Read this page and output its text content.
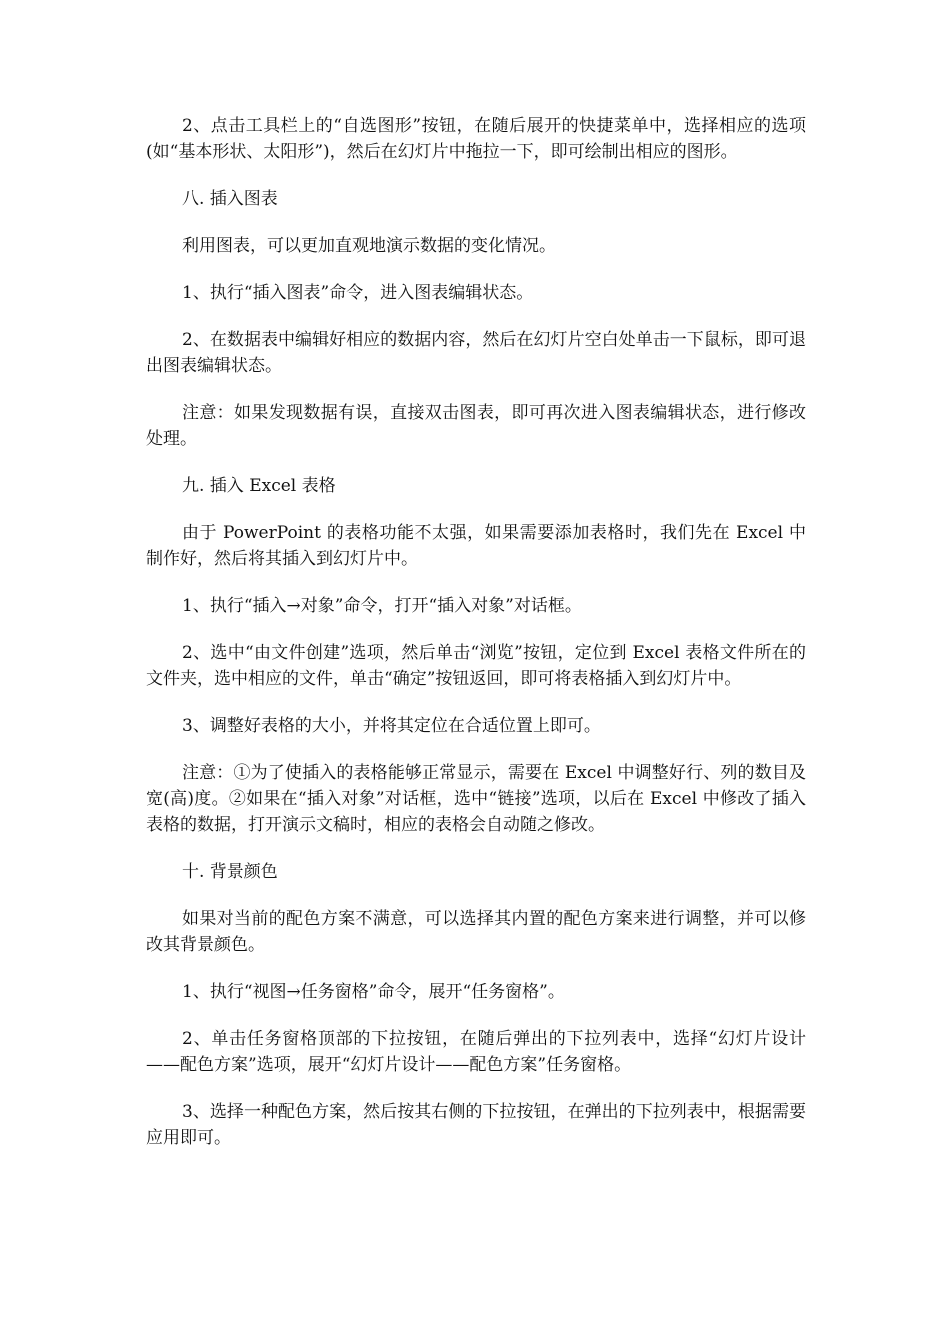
2、点击工具栏上的“自选图形”按钮，在随后展开的快捷菜单中，选择相应的选项(如“基本形状、太阳形”)，然后在幻灯片中拖拉一下，即可绘制出相应的图形。

八. 插入图表

利用图表，可以更加直观地演示数据的变化情况。

1、执行“插入图表”命令，进入图表编辑状态。

2、在数据表中编辑好相应的数据内容，然后在幻灯片空白处单击一下鼠标，即可退出图表编辑状态。

注意：如果发现数据有误，直接双击图表，即可再次进入图表编辑状态，进行修改处理。

九. 插入 Excel 表格

由于 PowerPoint 的表格功能不太强，如果需要添加表格时，我们先在 Excel 中制作好，然后将其插入到幻灯片中。

1、执行“插入→对象”命令，打开“插入对象”对话框。

2、选中“由文件创建”选项，然后单击“浏览”按钮，定位到 Excel 表格文件所在的文件夹，选中相应的文件，单击“确定”按钮返回，即可将表格插入到幻灯片中。

3、调整好表格的大小，并将其定位在合适位置上即可。

注意：①为了使插入的表格能够正常显示，需要在 Excel 中调整好行、列的数目及宽(高)度。②如果在“插入对象”对话框，选中“链接”选项，以后在 Excel 中修改了插入表格的数据，打开演示文稿时，相应的表格会自动随之修改。

十. 背景颜色

如果对当前的配色方案不满意，可以选择其内置的配色方案来进行调整，并可以修改其背景颜色。

1、执行“视图→任务窗格”命令，展开“任务窗格”。

2、单击任务窗格顶部的下拉按钮，在随后弹出的下拉列表中，选择“幻灯片设计——配色方案”选项，展开“幻灯片设计——配色方案”任务窗格。

3、选择一种配色方案，然后按其右侧的下拉按钮，在弹出的下拉列表中，根据需要应用即可。
